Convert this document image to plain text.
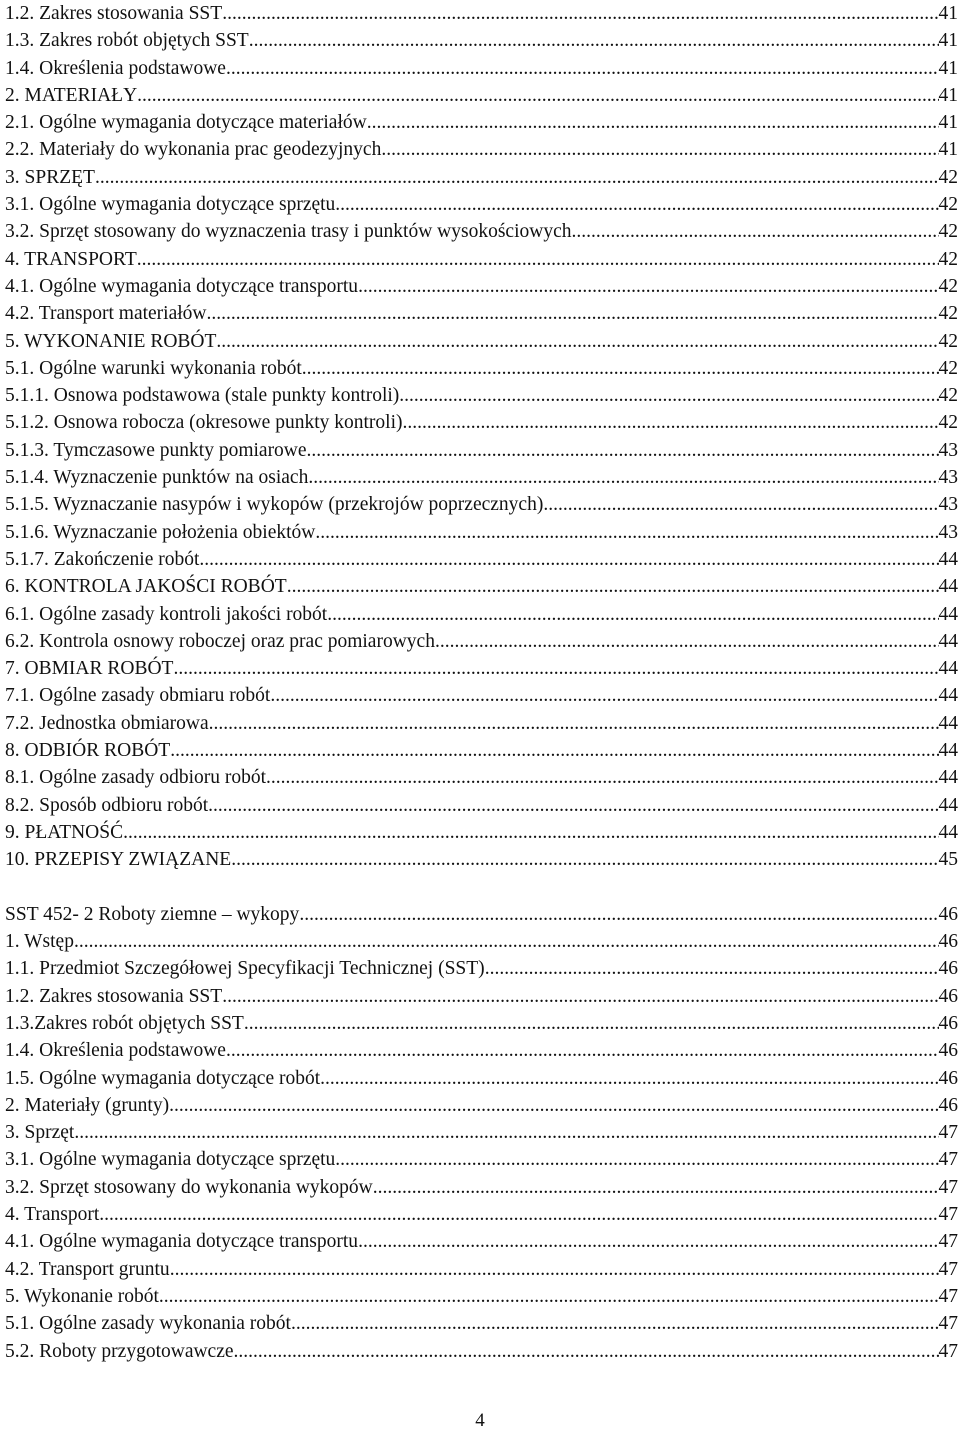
1.2. Zakres stosowania SST .....	41
1.3. Zakres robót objętych SST .....	41
1.4. Określenia podstawowe .....	41
2. MATERIAŁY .....	41
2.1. Ogólne wymagania dotyczące materiałów .....	41
2.2. Materiały do wykonania prac geodezyjnych .....	41
3. SPRZĘT .....	42
3.1. Ogólne wymagania dotyczące sprzętu .....	42
3.2. Sprzęt stosowany do wyznaczenia trasy i punktów wysokościowych .....	42
4. TRANSPORT .....	42
4.1. Ogólne wymagania dotyczące transportu .....	42
4.2. Transport materiałów .....	42
5. WYKONANIE ROBÓT .....	42
5.1. Ogólne warunki wykonania robót .....	42
5.1.1. Osnowa podstawowa (stale punkty kontroli) .....	42
5.1.2. Osnowa robocza (okresowe punkty kontroli) .....	42
5.1.3. Tymczasowe punkty pomiarowe .....	43
5.1.4. Wyznaczenie punktów na osiach .....	43
5.1.5. Wyznaczanie nasypów i wykopów (przekrojów poprzecznych) .....	43
5.1.6. Wyznaczanie położenia obiektów .....	43
5.1.7. Zakończenie robót .....	44
6. KONTROLA JAKOŚCI ROBÓT .....	44
6.1. Ogólne zasady kontroli jakości robót .....	44
6.2. Kontrola osnowy roboczej oraz prac pomiarowych .....	44
7. OBMIAR ROBÓT .....	44
7.1. Ogólne zasady obmiaru robót .....	44
7.2. Jednostka obmiarowa .....	44
8. ODBIÓR ROBÓT .....	44
8.1. Ogólne zasady odbioru robót .....	44
8.2. Sposób odbioru robót .....	44
9. PŁATNOŚĆ .....	44
10. PRZEPISY ZWIĄZANE .....	45
SST 452- 2 Roboty ziemne – wykopy .....	46
1. Wstęp .....	46
1.1. Przedmiot Szczegółowej Specyfikacji Technicznej (SST) .....	46
1.2. Zakres stosowania SST .....	46
1.3.Zakres robót objętych SST .....	46
1.4. Określenia podstawowe .....	46
1.5. Ogólne wymagania dotyczące robót .....	46
2. Materiały (grunty) .....	46
3. Sprzęt .....	47
3.1. Ogólne wymagania dotyczące sprzętu .....	47
3.2. Sprzęt stosowany do wykonania wykopów .....	47
4. Transport .....	47
4.1. Ogólne wymagania dotyczące transportu .....	47
4.2. Transport gruntu .....	47
5. Wykonanie robót .....	47
5.1. Ogólne zasady wykonania robót .....	47
5.2. Roboty przygotowawcze .....	47
4
